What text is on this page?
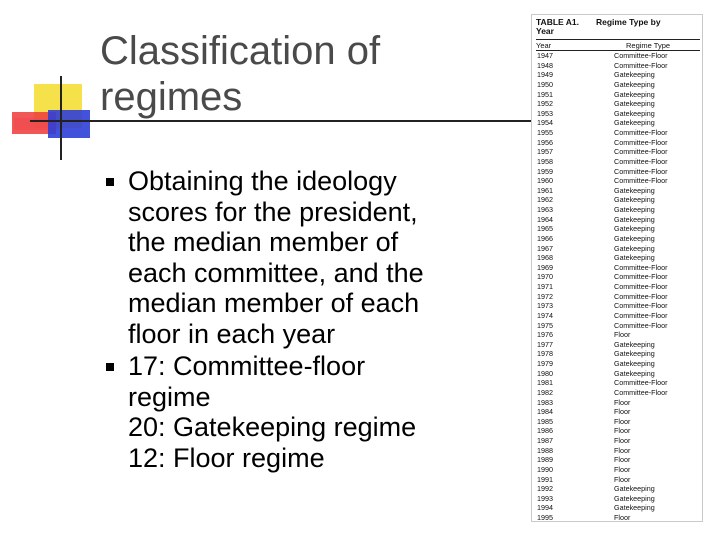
Classification of
regimes
Obtaining the ideology
scores for the president,
the median member of
each committee, and the
median member of each
floor in each year
17: Committee-floor
regime
20: Gatekeeping regime
12: Floor regime
TABLE A1. Regime Type by
Year
Year	Regime Type
1947	Committee-Floor
1948	Committee-Floor
1949	Gatekeeping
1950	Gatekeeping
1951	Gatekeeping
1952	Gatekeeping
1953	Gatekeeping
1954	Gatekeeping
1955	Committee-Floor
1956	Committee-Floor
1957	Committee-Floor
1958	Committee-Floor
1959	Committee-Floor
1960	Committee-Floor
1961	Gatekeeping
1962	Gatekeeping
1963	Gatekeeping
1964	Gatekeeping
1965	Gatekeeping
1966	Gatekeeping
1967	Gatekeeping
1968	Gatekeeping
1969	Committee-Floor
1970	Committee-Floor
1971	Committee-Floor
1972	Committee-Floor
1973	Committee-Floor
1974	Committee-Floor
1975	Committee-Floor
1976	Floor
1977	Gatekeeping
1978	Gatekeeping
1979	Gatekeeping
1980	Gatekeeping
1981	Committee-Floor
1982	Committee-Floor
1983	Floor
1984	Floor
1985	Floor
1986	Floor
1987	Floor
1988	Floor
1989	Floor
1990	Floor
1991	Floor
1992	Gatekeeping
1993	Gatekeeping
1994	Gatekeeping
1995	Floor
